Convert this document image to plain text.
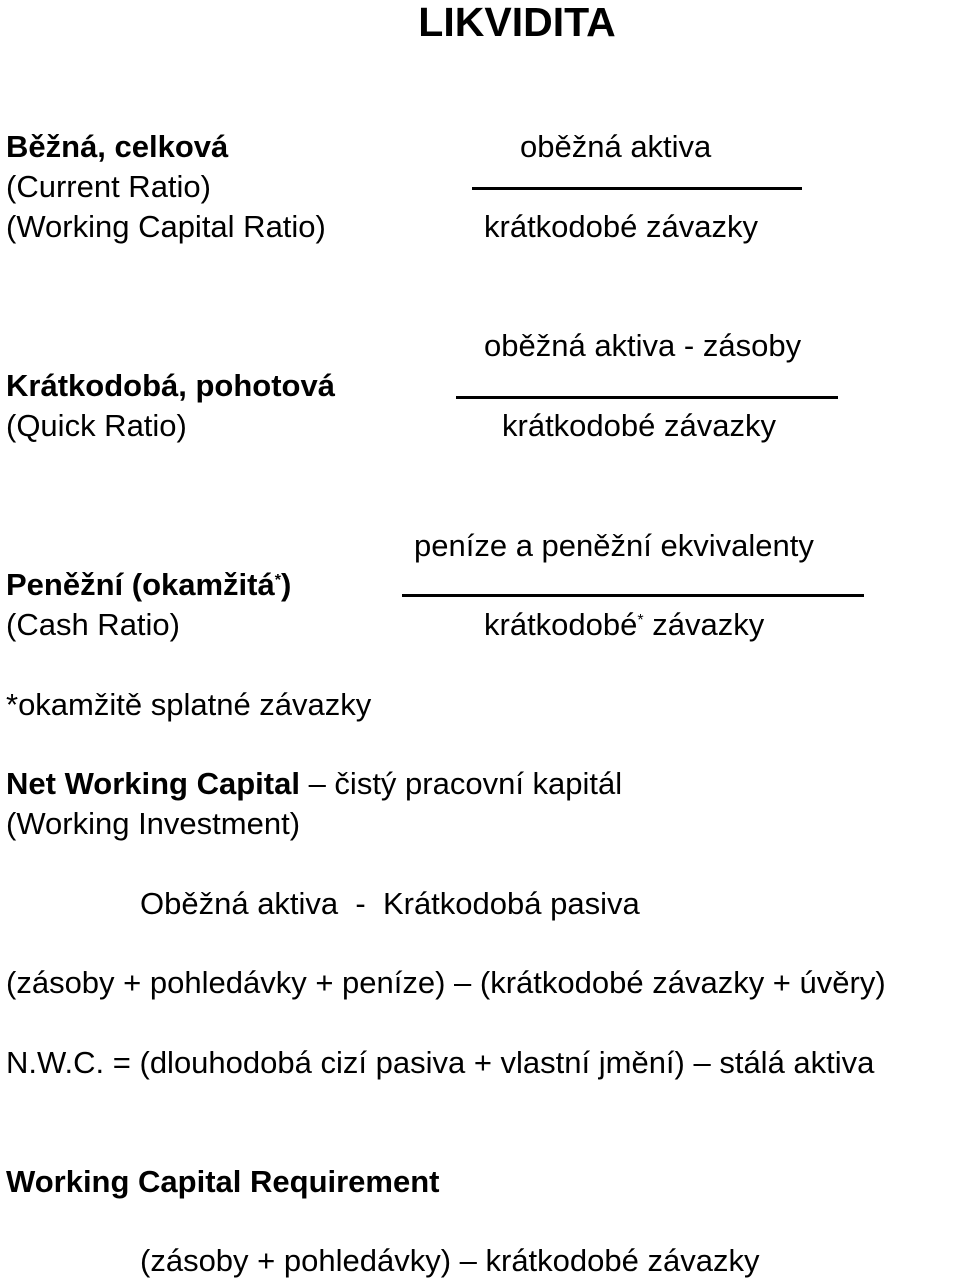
LIKVIDITA
Běžná, celková
(Current Ratio)
(Working Capital Ratio)
oběžná aktiva
krátkodobé závazky
oběžná aktiva - zásoby
Krátkodobá, pohotová
(Quick Ratio)	krátkodobé závazky
peníze a peněžní ekvivalenty
Peněžní (okamžitá*)
(Cash Ratio)	krátkodobé* závazky
*okamžitě splatné závazky
Net Working Capital – čistý pracovní kapitál
(Working Investment)
Oběžná aktiva  -  Krátkodobá pasiva
(zásoby + pohledávky + peníze) – (krátkodobé závazky + úvěry)
N.W.C. = (dlouhodobá cizí pasiva + vlastní jmění) – stálá aktiva
Working Capital Requirement
(zásoby + pohledávky) – krátkodobé závazky
